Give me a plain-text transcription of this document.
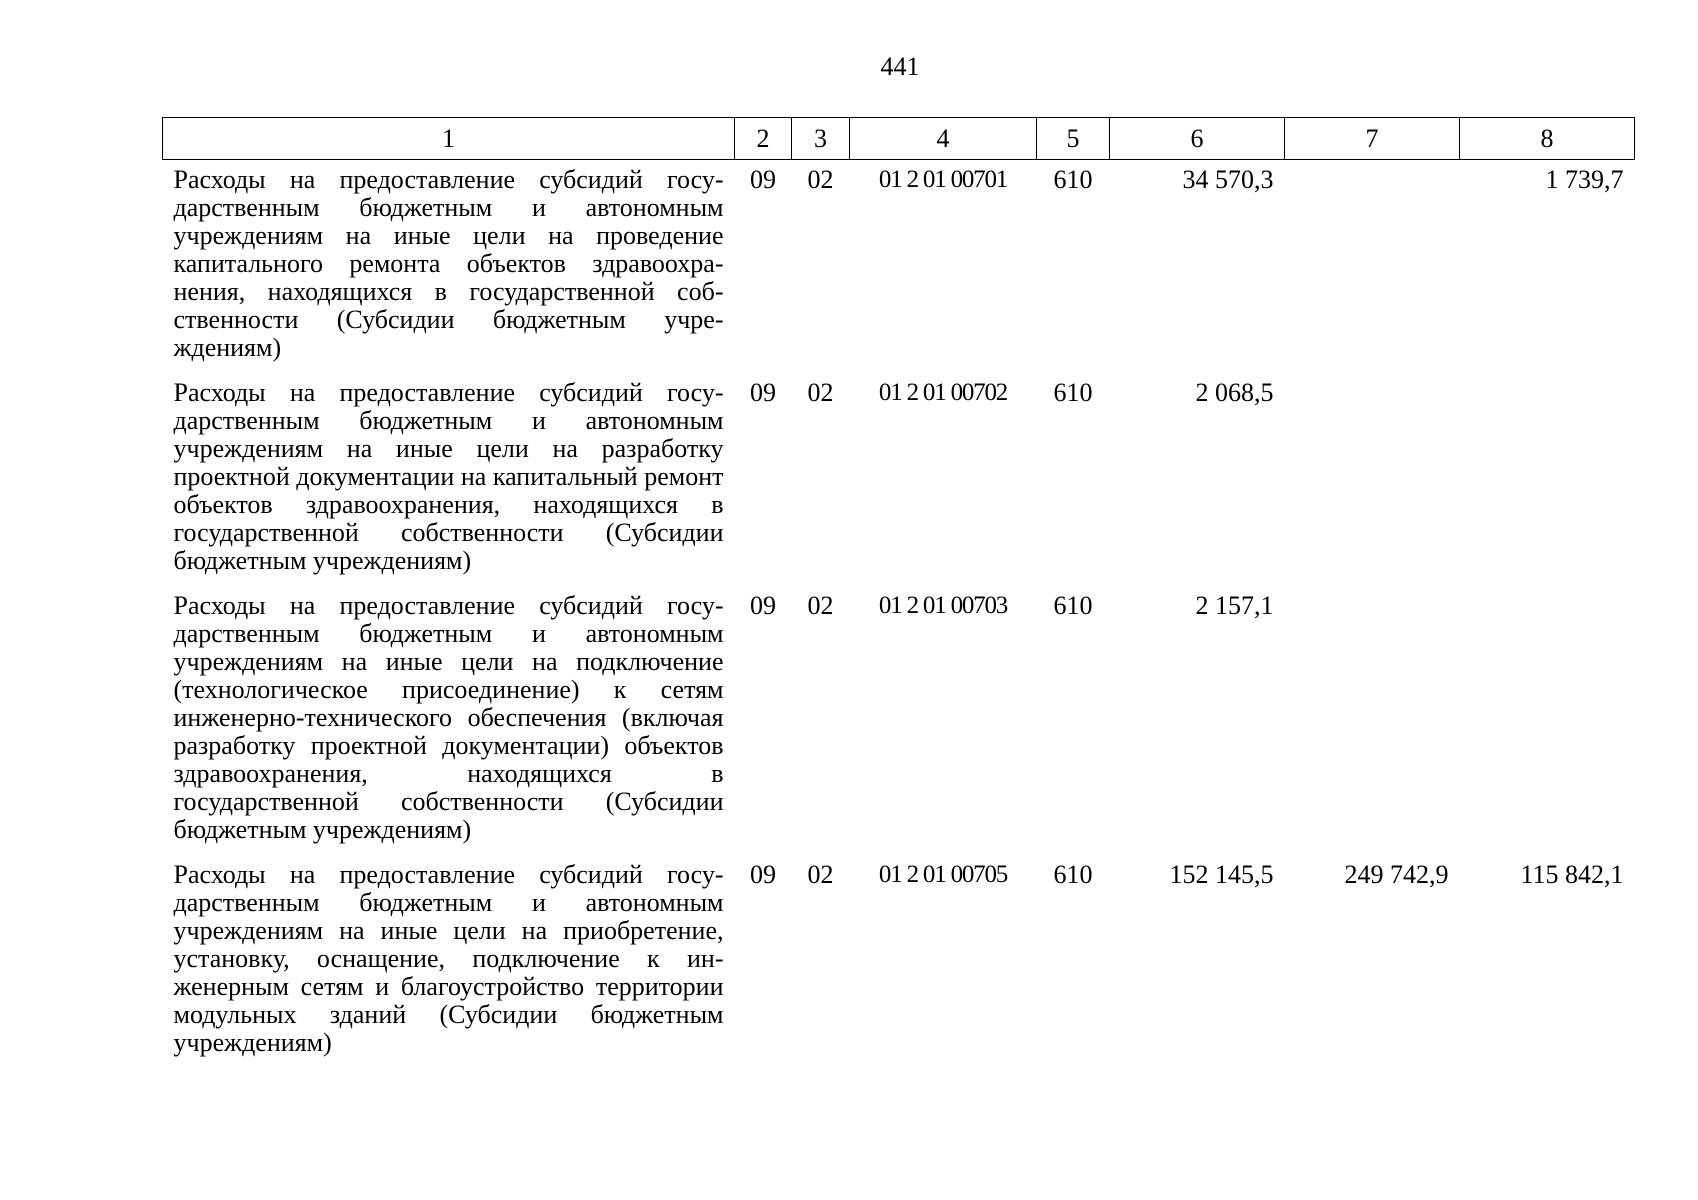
441
1	2	3	4	5	6	7	8
Расходы на предоставление субсидий государственным бюджетным и автономным учреждениям на иные цели на проведение капитального ремонта объектов здравоохранения, находящихся в государственной собственности (Субсидии бюджетным учреждениям)	09	02	01 2 01 00701	610	34 570,3		1 739,7
Расходы на предоставление субсидий государственным бюджетным и автономным учреждениям на иные цели на разработку проектной документации на капитальный ремонт объектов здравоохранения, находящихся в государственной собственности (Субсидии бюджетным учреждениям)	09	02	01 2 01 00702	610	2 068,5		
Расходы на предоставление субсидий государственным бюджетным и автономным учреждениям на иные цели на подключение (технологическое присоединение) к сетям инженерно-технического обеспечения (включая разработку проектной документации) объектов здравоохранения, находящихся в государственной собственности (Субсидии бюджетным учреждениям)	09	02	01 2 01 00703	610	2 157,1		
Расходы на предоставление субсидий государственным бюджетным и автономным учреждениям на иные цели на приобретение, установку, оснащение, подключение к инженерным сетям и благоустройство территории модульных зданий (Субсидии бюджетным учреждениям)	09	02	01 2 01 00705	610	152 145,5	249 742,9	115 842,1
